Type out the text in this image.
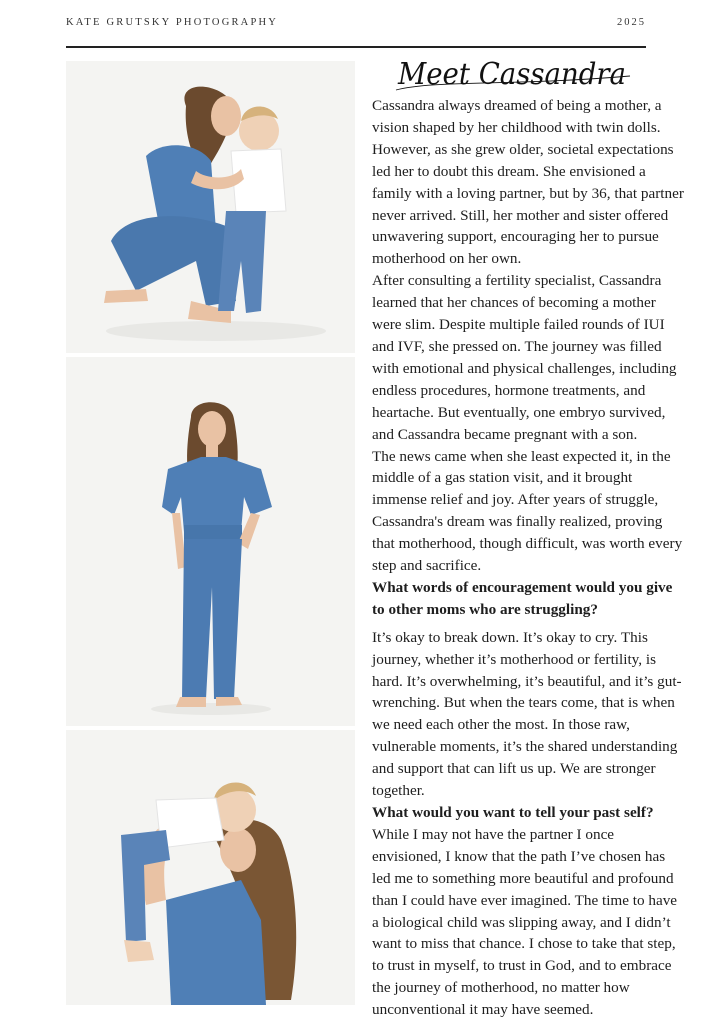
KATE GRUTSKY PHOTOGRAPHY	2025
Meet Cassandra

Cassandra always dreamed of being a mother, a vision shaped by her childhood with twin dolls. However, as she grew older, societal expectations led her to doubt this dream. She envisioned a family with a loving partner, but by 36, that partner never arrived. Still, her mother and sister offered unwavering support, encouraging her to pursue motherhood on her own.

After consulting a fertility specialist, Cassandra learned that her chances of becoming a mother were slim. Despite multiple failed rounds of IUI and IVF, she pressed on. The journey was filled with emotional and physical challenges, including endless procedures, hormone treatments, and heartache. But eventually, one embryo survived, and Cassandra became pregnant with a son.

The news came when she least expected it, in the middle of a gas station visit, and it brought immense relief and joy. After years of struggle, Cassandra's dream was finally realized, proving that motherhood, though difficult, was worth every step and sacrifice.

What words of encouragement would you give to other moms who are struggling?

It’s okay to break down. It’s okay to cry. This journey, whether it’s motherhood or fertility, is hard. It’s overwhelming, it’s beautiful, and it’s gut-wrenching. But when the tears come, that is when we need each other the most. In those raw, vulnerable moments, it’s the shared understanding and support that can lift us up. We are stronger together.

What would you want to tell your past self?

While I may not have the partner I once envisioned, I know that the path I’ve chosen has led me to something more beautiful and profound than I could have ever imagined. The time to have a biological child was slipping away, and I didn’t want to miss that chance. I chose to take that step, to trust in myself, to trust in God, and to embrace the journey of motherhood, no matter how unconventional it may have seemed.
